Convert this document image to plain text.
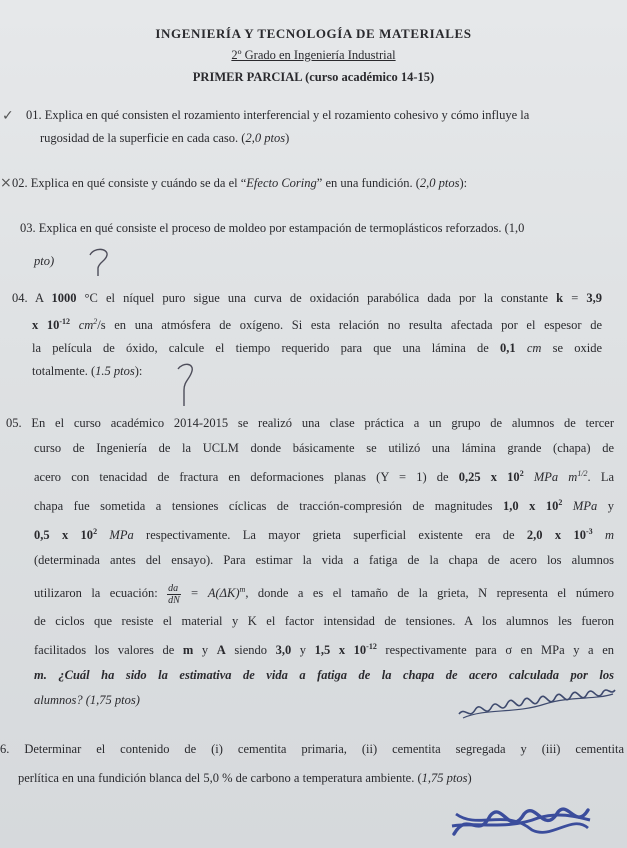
INGENIERÍA Y TECNOLOGÍA DE MATERIALES
2º Grado en Ingeniería Industrial
PRIMER PARCIAL (curso académico 14-15)
✓ 01. Explica en qué consisten el rozamiento interferencial y el rozamiento cohesivo y cómo influye la
rugosidad de la superficie en cada caso. (2,0 ptos)
× 02. Explica en qué consiste y cuándo se da el “Efecto Coring” en una fundición. (2,0 ptos):
03. Explica en qué consiste el proceso de moldeo por estampación de termoplásticos reforzados. (1,0
pto)
04. A 1000 °C el níquel puro sigue una curva de oxidación parabólica dada por la constante k = 3,9
x $10^{-12}$ $cm^2/s$ en una atmósfera de oxígeno. Si esta relación no resulta afectada por el espesor de
la película de óxido, calcule el tiempo requerido para que una lámina de 0,1 cm se oxide
totalmente. (1.5 ptos):
05. En el curso académico 2014-2015 se realizó una clase práctica a un grupo de alumnos de tercer
curso de Ingeniería de la UCLM donde básicamente se utilizó una lámina grande (chapa) de
acero con tenacidad de fractura en deformaciones planas (Y = 1) de 0,25 x $10^2$ MPa $m^{1/2}$. La
chapa fue sometida a tensiones cíclicas de tracción-compresión de magnitudes 1,0 x $10^2$ MPa y
0,5 x $10^2$ MPa respectivamente. La mayor grieta superficial existente era de 2,0 x $10^{-3}$ m
(determinada antes del ensayo). Para estimar la vida a fatiga de la chapa de acero los alumnos
utilizaron la ecuación: $\frac{da}{dN} = A(\Delta K)^m$, donde a es el tamaño de la grieta, N representa el número
de ciclos que resiste el material y K el factor intensidad de tensiones. A los alumnos les fueron
facilitados los valores de m y A siendo 3,0 y 1,5 x $10^{-12}$ respectivamente para σ en MPa y a en
m. ¿Cuál ha sido la estimativa de vida a fatiga de la chapa de acero calculada por los
alumnos? (1,75 ptos)
6. Determinar el contenido de (i) cementita primaria, (ii) cementita segregada y (iii) cementita
perlítica en una fundición blanca del 5,0 % de carbono a temperatura ambiente. (1,75 ptos)
